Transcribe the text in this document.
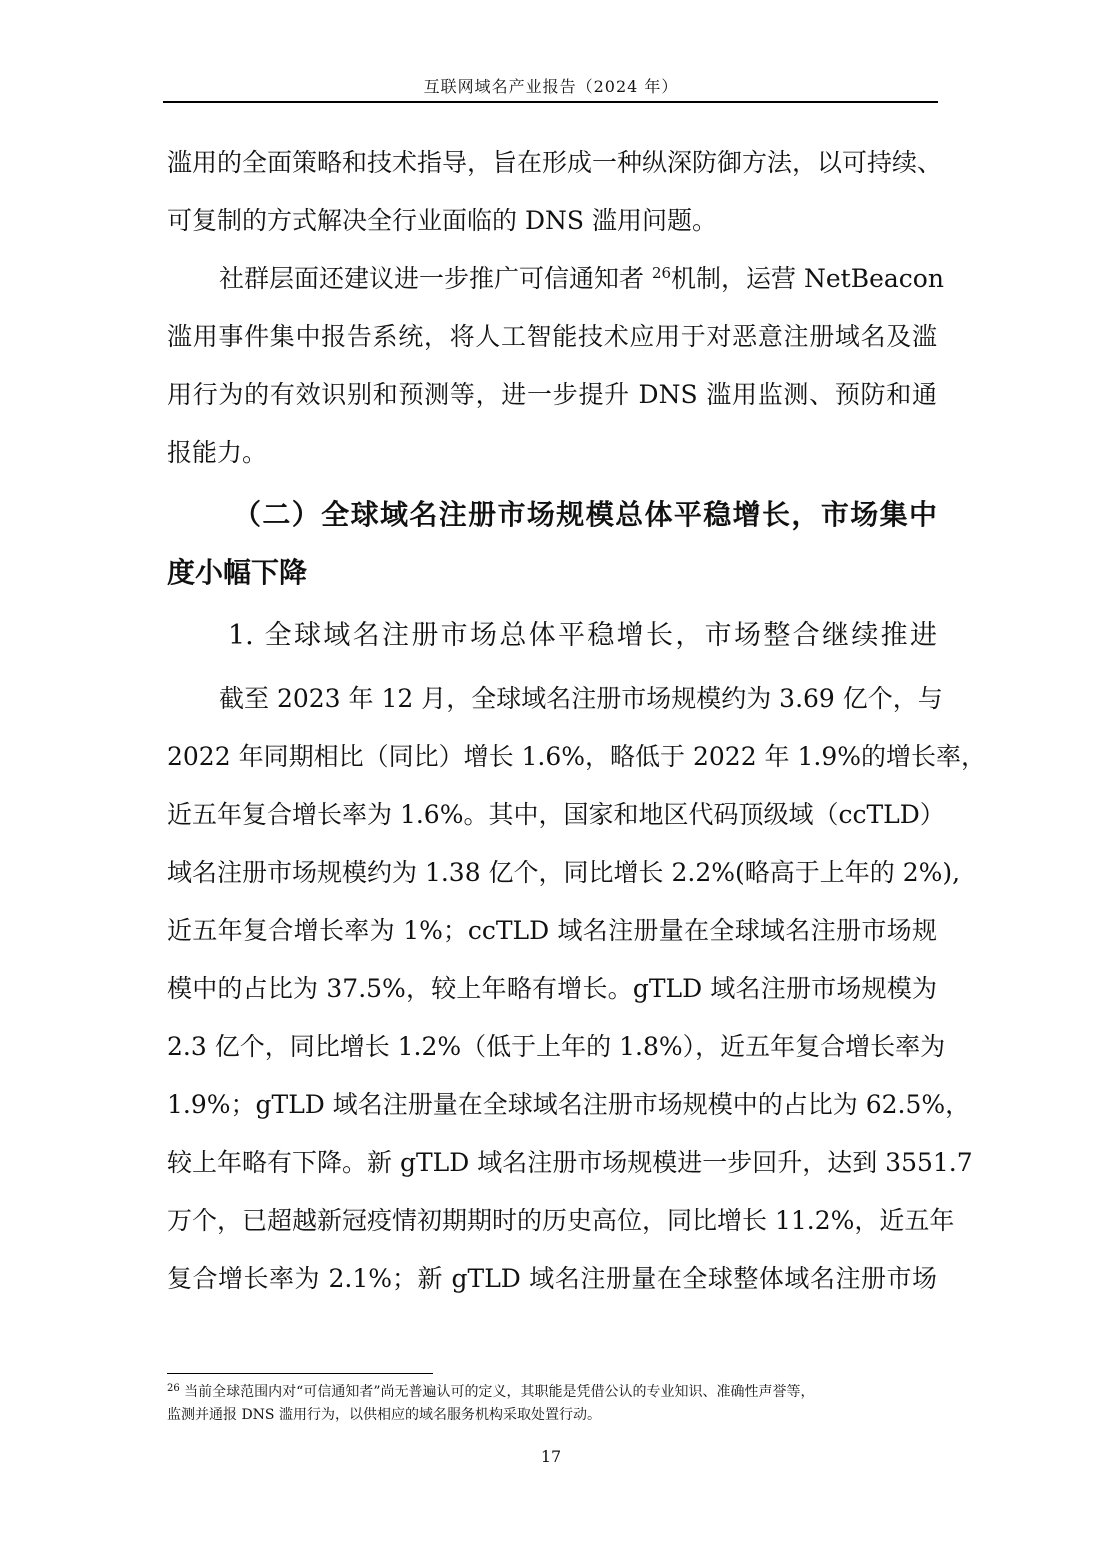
互联网域名产业报告（2024 年）
滥用的全面策略和技术指导，旨在形成一种纵深防御方法，以可持续、
可复制的方式解决全行业面临的 DNS 滥用问题。
社群层面还建议进一步推广可信通知者 $^{26}$机制，运营 NetBeacon
滥用事件集中报告系统，将人工智能技术应用于对恶意注册域名及滥
用行为的有效识别和预测等，进一步提升 DNS 滥用监测、预防和通
报能力。
（二）全球域名注册市场规模总体平稳增长，市场集中
度小幅下降
1. 全球域名注册市场总体平稳增长，市场整合继续推进
截至 2023 年 12 月，全球域名注册市场规模约为 3.69 亿个，与
2022 年同期相比（同比）增长 1.6%，略低于 2022 年 1.9%的增长率，
近五年复合增长率为 1.6%。其中，国家和地区代码顶级域（ccTLD）
域名注册市场规模约为 1.38 亿个，同比增长 2.2%(略高于上年的 2%),
近五年复合增长率为 1%；ccTLD 域名注册量在全球域名注册市场规
模中的占比为 37.5%，较上年略有增长。gTLD 域名注册市场规模为
2.3 亿个，同比增长 1.2%（低于上年的 1.8%），近五年复合增长率为
1.9%；gTLD 域名注册量在全球域名注册市场规模中的占比为 62.5%，
较上年略有下降。新 gTLD 域名注册市场规模进一步回升，达到 3551.7
万个，已超越新冠疫情初期期时的历史高位，同比增长 11.2%，近五年
复合增长率为 2.1%；新 gTLD 域名注册量在全球整体域名注册市场
$^{26}$ 当前全球范围内对“可信通知者”尚无普遍认可的定义，其职能是凭借公认的专业知识、准确性声誉等，
监测并通报 DNS 滥用行为，以供相应的域名服务机构采取处置行动。
17
